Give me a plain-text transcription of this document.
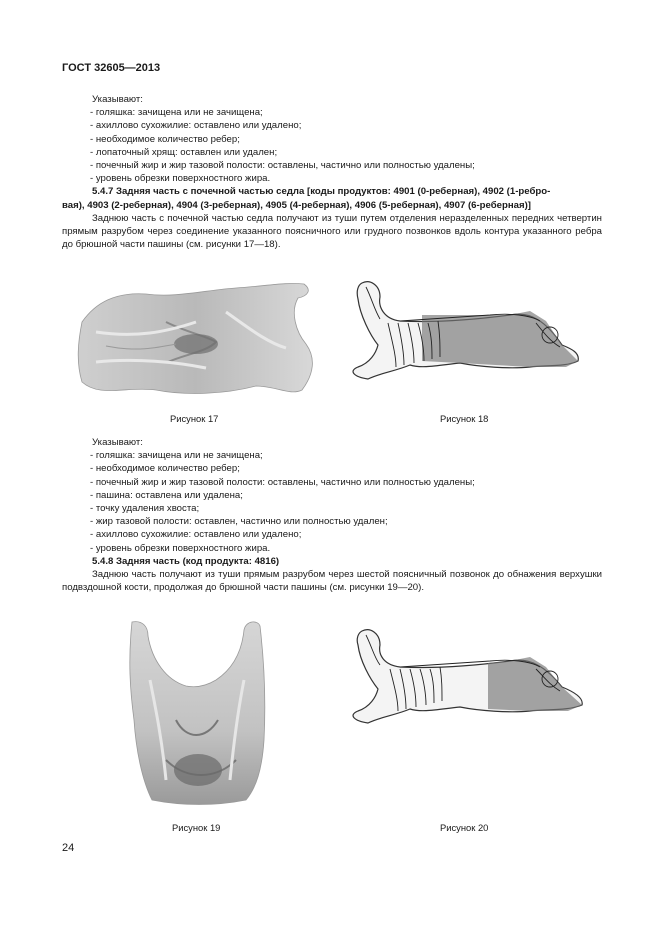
ГОСТ 32605—2013
Указывают:
- голяшка: зачищена или не зачищена;
- ахиллово сухожилие: оставлено или удалено;
- необходимое количество ребер;
- лопаточный хрящ: оставлен или удален;
- почечный жир и жир тазовой полости: оставлены, частично или полностью удалены;
- уровень обрезки поверхностного жира.
5.4.7 Задняя часть с почечной частью седла [коды продуктов: 4901 (0-реберная), 4902 (1-ребро-
вая), 4903 (2-реберная), 4904 (3-реберная), 4905 (4-реберная), 4906 (5-реберная), 4907 (6-реберная)]
Заднюю часть с почечной частью седла получают из туши путем отделения неразделенных передних четвертин прямым разрубом через соединение указанного поясничного или грудного позвонков вдоль контура указанного ребра до брюшной части пашины (см. рисунки 17—18).
Рисунок 17	Рисунок 18
Указывают:
- голяшка: зачищена или не зачищена;
- необходимое количество ребер;
- почечный жир и жир тазовой полости: оставлены, частично или полностью удалены;
- пашина: оставлена или удалена;
- точку удаления хвоста;
- жир тазовой полости: оставлен, частично или полностью удален;
- ахиллово сухожилие: оставлено или удалено;
- уровень обрезки поверхностного жира.
5.4.8 Задняя часть (код продукта: 4816)
Заднюю часть получают из туши прямым разрубом через шестой поясничный позвонок до обнажения верхушки подвздошной кости, продолжая до брюшной части пашины (см. рисунки 19—20).
Рисунок 19	Рисунок 20
24
